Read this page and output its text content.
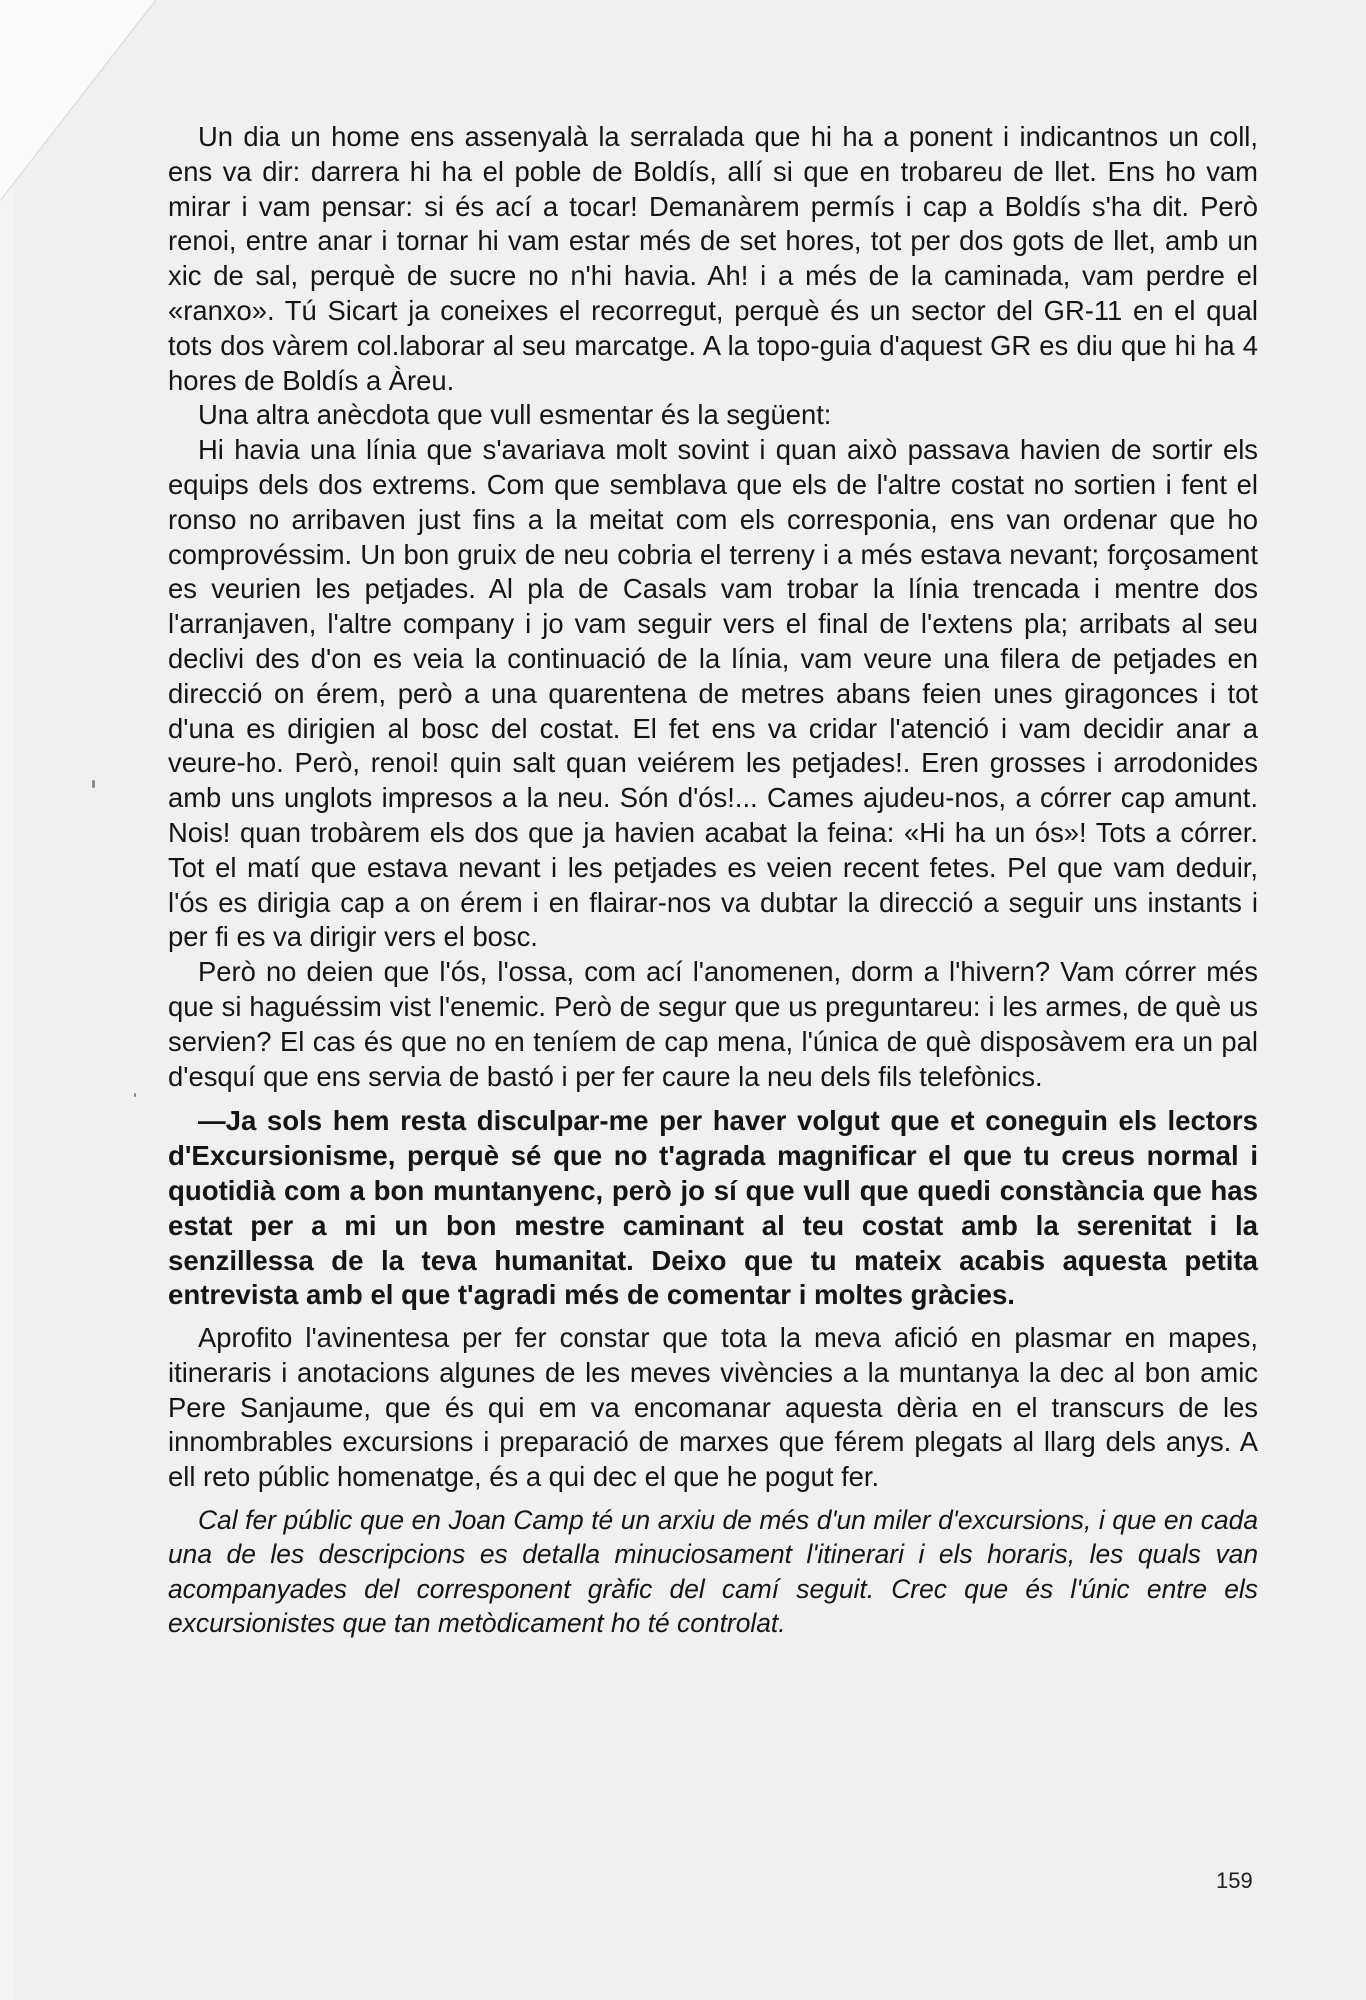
Un dia un home ens assenyalà la serralada que hi ha a ponent i indicantnos un coll, ens va dir: darrera hi ha el poble de Boldís, allí si que en trobareu de llet. Ens ho vam mirar i vam pensar: si és ací a tocar! Demanàrem permís i cap a Boldís s'ha dit. Però renoi, entre anar i tornar hi vam estar més de set hores, tot per dos gots de llet, amb un xic de sal, perquè de sucre no n'hi havia. Ah! i a més de la caminada, vam perdre el «ranxo». Tú Sicart ja coneixes el recorregut, perquè és un sector del GR-11 en el qual tots dos vàrem col.laborar al seu marcatge. A la topo-guia d'aquest GR es diu que hi ha 4 hores de Boldís a Àreu.

Una altra anècdota que vull esmentar és la següent:

Hi havia una línia que s'avariava molt sovint i quan això passava havien de sortir els equips dels dos extrems. Com que semblava que els de l'altre costat no sortien i fent el ronso no arribaven just fins a la meitat com els corresponia, ens van ordenar que ho comprovéssim. Un bon gruix de neu cobria el terreny i a més estava nevant; forçosament es veurien les petjades. Al pla de Casals vam trobar la línia trencada i mentre dos l'arranjaven, l'altre company i jo vam seguir vers el final de l'extens pla; arribats al seu declivi des d'on es veia la continuació de la línia, vam veure una filera de petjades en direcció on érem, però a una quarentena de metres abans feien unes giragonces i tot d'una es dirigien al bosc del costat. El fet ens va cridar l'atenció i vam decidir anar a veure-ho. Però, renoi! quin salt quan veiérem les petjades!. Eren grosses i arrodonides amb uns unglots impresos a la neu. Són d'ós!... Cames ajudeu-nos, a córrer cap amunt. Nois! quan trobàrem els dos que ja havien acabat la feina: «Hi ha un ós»! Tots a córrer. Tot el matí que estava nevant i les petjades es veien recent fetes. Pel que vam deduir, l'ós es dirigia cap a on érem i en flairar-nos va dubtar la direcció a seguir uns instants i per fi es va dirigir vers el bosc.

Però no deien que l'ós, l'ossa, com ací l'anomenen, dorm a l'hivern? Vam córrer més que si haguéssim vist l'enemic. Però de segur que us preguntareu: i les armes, de què us servien? El cas és que no en teníem de cap mena, l'única de què disposàvem era un pal d'esquí que ens servia de bastó i per fer caure la neu dels fils telefònics.

—Ja sols hem resta disculpar-me per haver volgut que et coneguin els lectors d'Excursionisme, perquè sé que no t'agrada magnificar el que tu creus normal i quotidià com a bon muntanyenc, però jo sí que vull que quedi constància que has estat per a mi un bon mestre caminant al teu costat amb la serenitat i la senzillessa de la teva humanitat. Deixo que tu mateix acabis aquesta petita entrevista amb el que t'agradi més de comentar i moltes gràcies.

Aprofito l'avinentesa per fer constar que tota la meva afició en plasmar en mapes, itineraris i anotacions algunes de les meves vivències a la muntanya la dec al bon amic Pere Sanjaume, que és qui em va encomanar aquesta dèria en el transcurs de les innombrables excursions i preparació de marxes que férem plegats al llarg dels anys. A ell reto públic homenatge, és a qui dec el que he pogut fer.

Cal fer públic que en Joan Camp té un arxiu de més d'un miler d'excursions, i que en cada una de les descripcions es detalla minuciosament l'itinerari i els horaris, les quals van acompanyades del corresponent gràfic del camí seguit. Crec que és l'únic entre els excursionistes que tan metòdicament ho té controlat.

159
